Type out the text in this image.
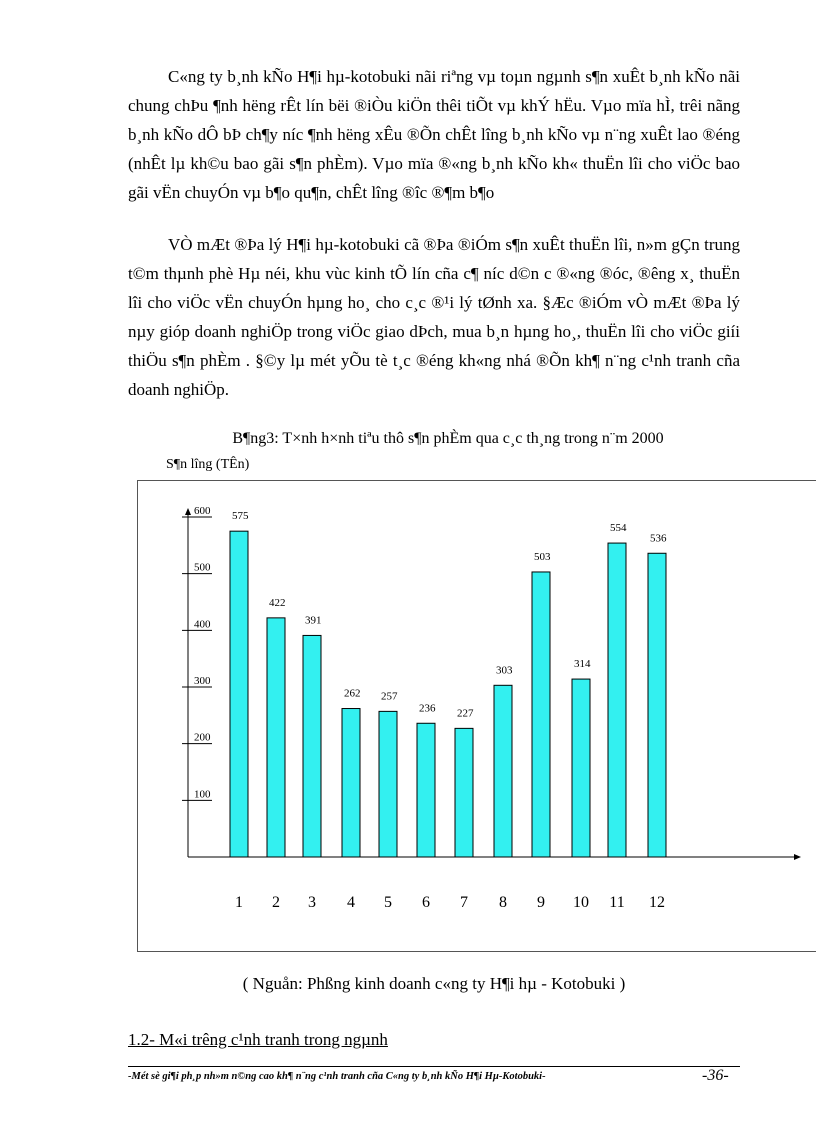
C«ng ty b¸nh kÑo H¶i hµ-kotobuki nãi riªng vµ toµn ngµnh s¶n xuÊt b¸nh kÑo nãi chung chÞu ¶nh hëng rÊt lín bëi ®iÒu kiÖn thêi tiÕt vµ khÝ hËu. Vµo mïa hÌ, trêi nãng b¸nh kÑo dÔ bÞ ch¶y níc ¶nh hëng xÊu ®Õn chÊt lîng b¸nh kÑo vµ n¨ng xuÊt lao ®éng (nhÊt lµ kh©u bao gãi s¶n phÈm). Vµo mïa ®«ng b¸nh kÑo kh« thuËn lîi cho viÖc bao gãi vËn chuyÓn vµ b¶o qu¶n, chÊt lîng ®îc ®¶m b¶o

VÒ mÆt ®Þa lý H¶i hµ-kotobuki cã ®Þa ®iÓm s¶n xuÊt thuËn lîi, n»m gÇn trung t©m thµnh phè Hµ néi, khu vùc kinh tÕ lín cña c¶ níc d©n c ®«ng ®óc, ®êng x¸ thuËn lîi cho viÖc vËn chuyÓn hµng ho¸ cho c¸c ®¹i lý tØnh xa. §Æc ®iÓm vÒ mÆt ®Þa lý nµy gióp doanh nghiÖp trong viÖc giao dÞch, mua b¸n hµng ho¸, thuËn lîi cho viÖc giíi thiÖu s¶n phÈm . §©y lµ mét yÕu tè t¸c ®éng kh«ng nhá ®Õn kh¶ n¨ng c¹nh tranh cña doanh nghiÖp.

B¶ng3: T×nh h×nh tiªu thô s¶n phÈm qua c¸c th¸ng trong n¨m 2000
S¶n lîng (TÊn)
100
200
300
400
500
600 575
1
422
2
391
3
262
4
257
5
236
6
227
7
303
8
503
9
314
10
554
11
536
12
( Nguån: Phßng kinh doanh c«ng ty H¶i hµ - Kotobuki )
1.2- M«i trêng c¹nh tranh trong ngµnh
-Mét sè gi¶i ph¸p nh»m n©ng cao kh¶ n¨ng c¹nh tranh cña C«ng ty b¸nh kÑo H¶i Hµ-Kotobuki-	-36-
